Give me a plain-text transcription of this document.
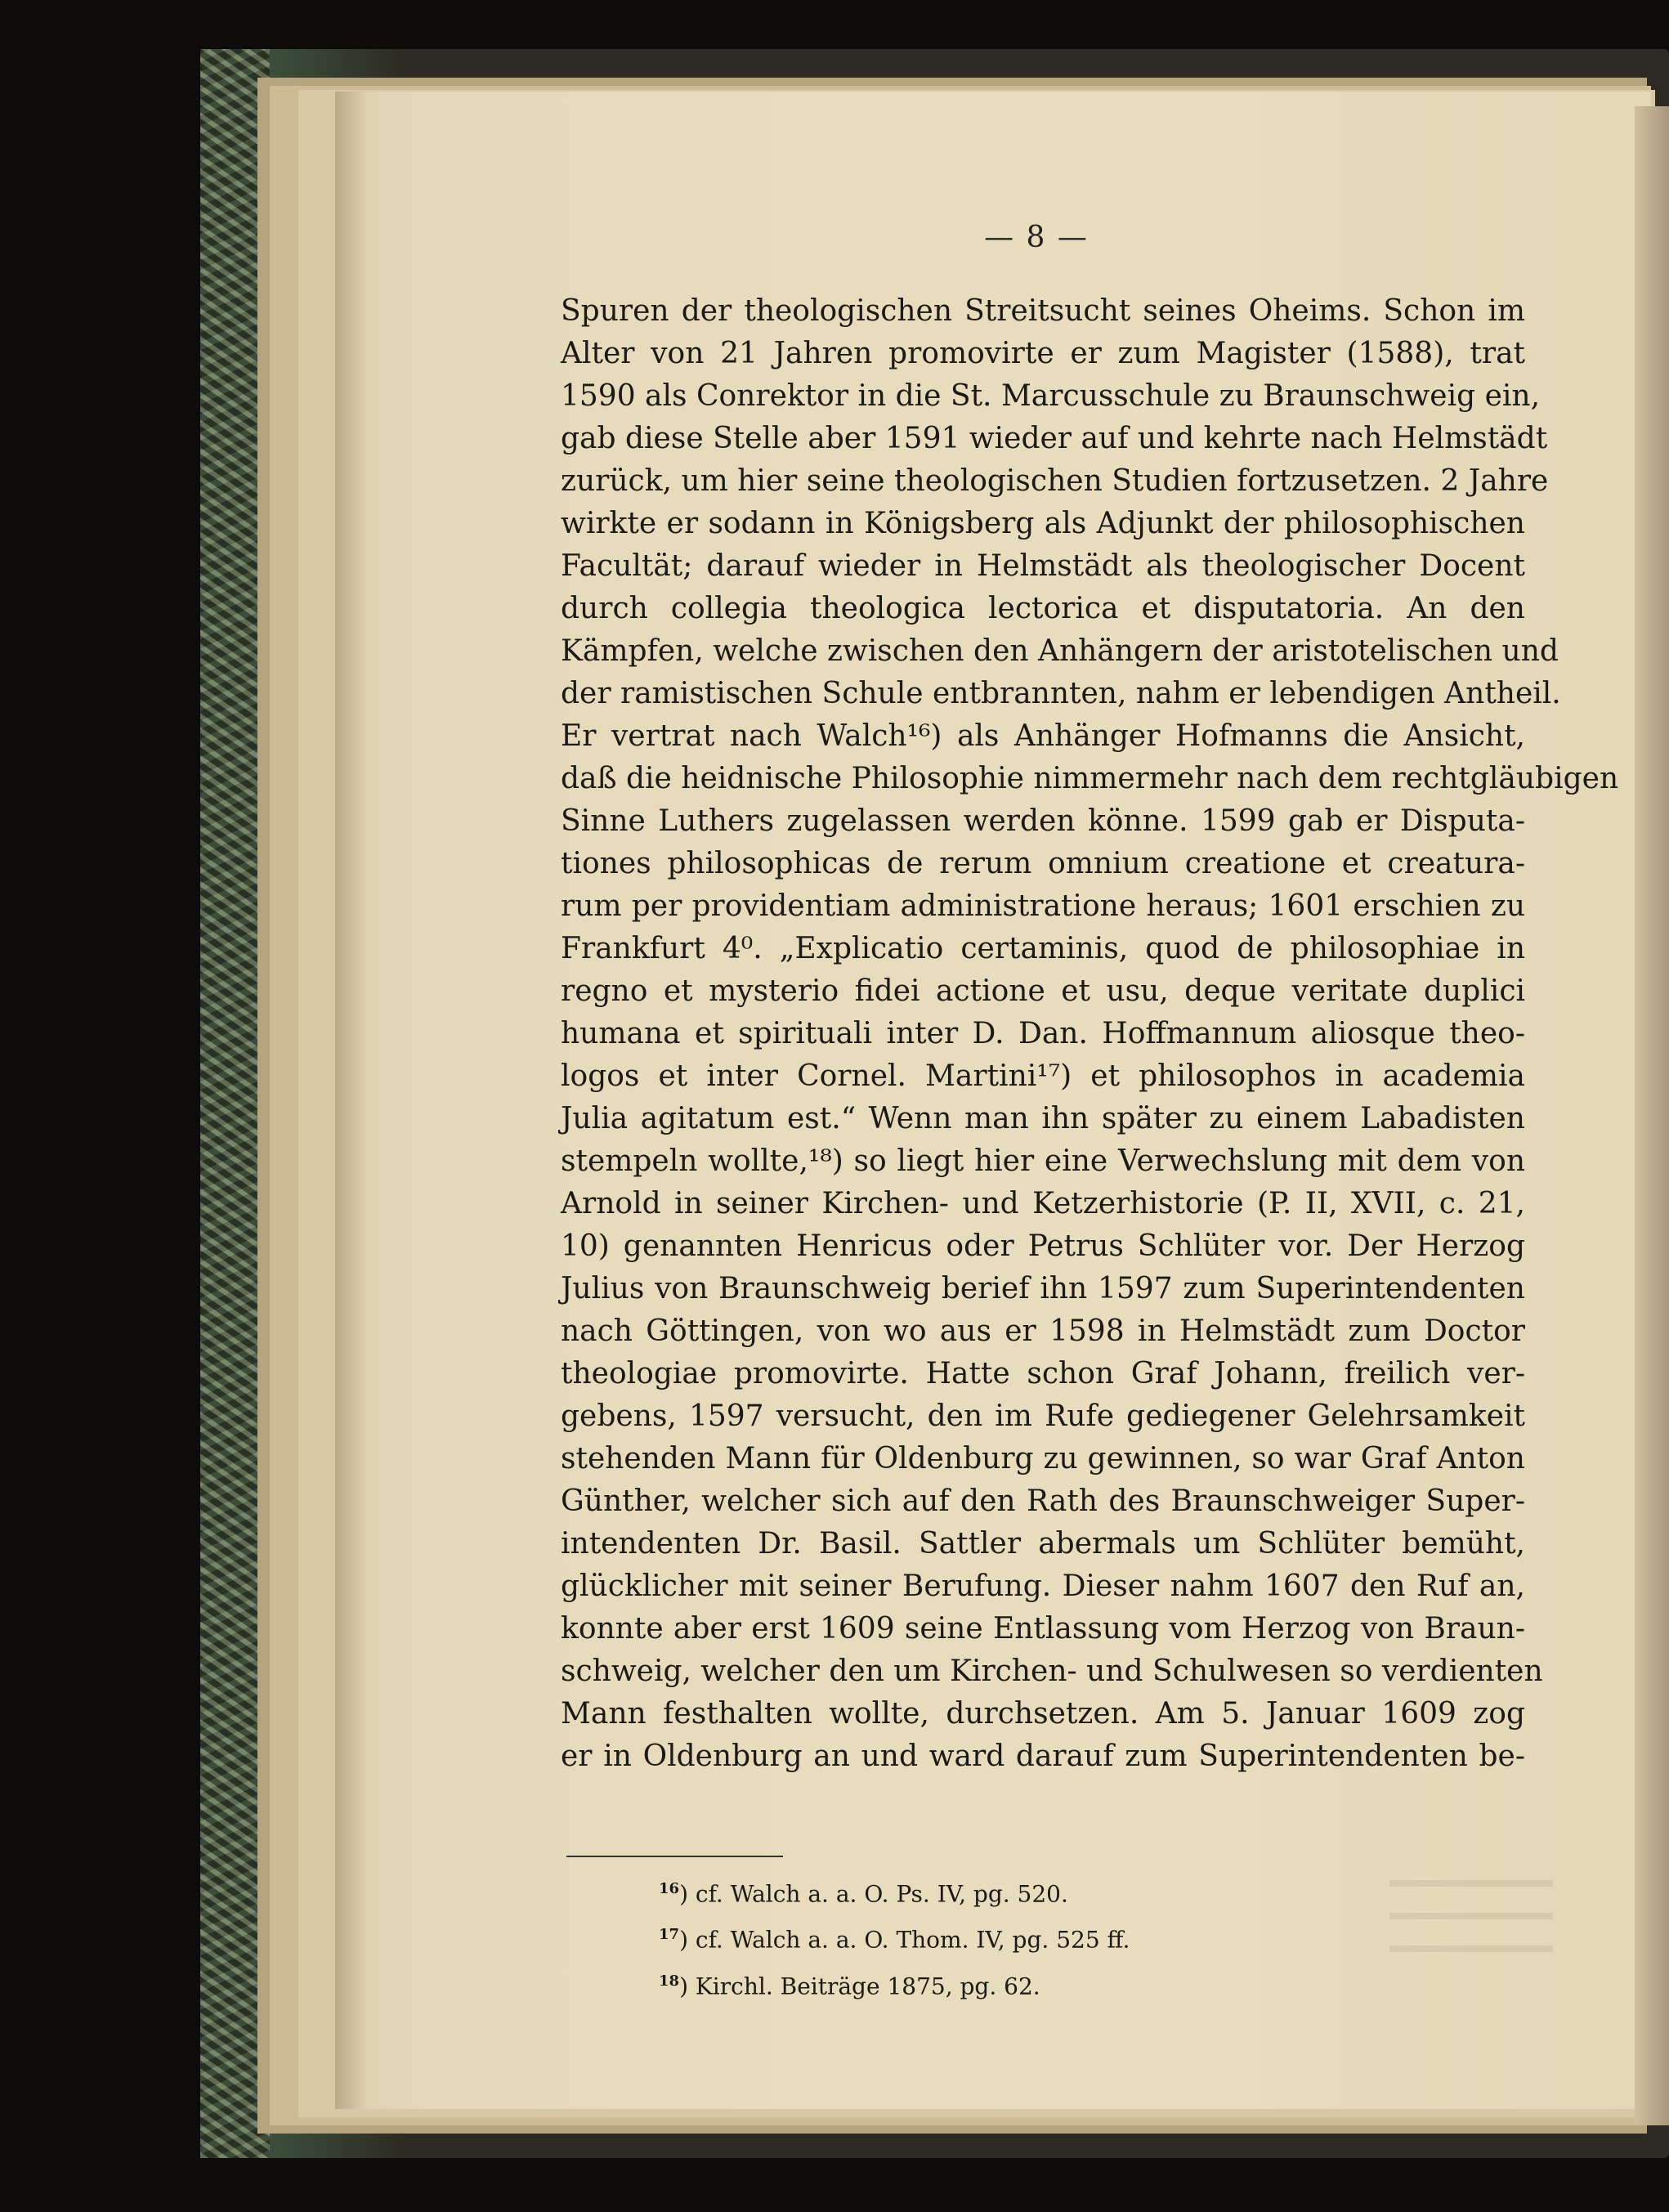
— 8 —
Spuren der theologischen Streitsucht seines Oheims. Schon im
Alter von 21 Jahren promovirte er zum Magister (1588), trat
1590 als Conrektor in die St. Marcusschule zu Braunschweig ein,
gab diese Stelle aber 1591 wieder auf und kehrte nach Helmstädt
zurück, um hier seine theologischen Studien fortzusetzen. 2 Jahre
wirkte er sodann in Königsberg als Adjunkt der philosophischen
Facultät; darauf wieder in Helmstädt als theologischer Docent
durch collegia theologica lectorica et disputatoria. An den
Kämpfen, welche zwischen den Anhängern der aristotelischen und
der ramistischen Schule entbrannten, nahm er lebendigen Antheil.
Er vertrat nach Walch¹⁶) als Anhänger Hofmanns die Ansicht,
daß die heidnische Philosophie nimmermehr nach dem rechtgläubigen
Sinne Luthers zugelassen werden könne. 1599 gab er Disputa-
tiones philosophicas de rerum omnium creatione et creatura-
rum per providentiam administratione heraus; 1601 erschien zu
Frankfurt 4⁰. „Explicatio certaminis, quod de philosophiae in
regno et mysterio fidei actione et usu, deque veritate duplici
humana et spirituali inter D. Dan. Hoffmannum aliosque theo-
logos et inter Cornel. Martini¹⁷) et philosophos in academia
Julia agitatum est.“ Wenn man ihn später zu einem Labadisten
stempeln wollte,¹⁸) so liegt hier eine Verwechslung mit dem von
Arnold in seiner Kirchen- und Ketzerhistorie (P. II, XVII, c. 21,
10) genannten Henricus oder Petrus Schlüter vor. Der Herzog
Julius von Braunschweig berief ihn 1597 zum Superintendenten
nach Göttingen, von wo aus er 1598 in Helmstädt zum Doctor
theologiae promovirte. Hatte schon Graf Johann, freilich ver-
gebens, 1597 versucht, den im Rufe gediegener Gelehrsamkeit
stehenden Mann für Oldenburg zu gewinnen, so war Graf Anton
Günther, welcher sich auf den Rath des Braunschweiger Super-
intendenten Dr. Basil. Sattler abermals um Schlüter bemüht,
glücklicher mit seiner Berufung. Dieser nahm 1607 den Ruf an,
konnte aber erst 1609 seine Entlassung vom Herzog von Braun-
schweig, welcher den um Kirchen- und Schulwesen so verdienten
Mann festhalten wollte, durchsetzen. Am 5. Januar 1609 zog
er in Oldenburg an und ward darauf zum Superintendenten be-
$^{16}$) cf. Walch a. a. O. Ps. IV, pg. 520.
$^{17}$) cf. Walch a. a. O. Thom. IV, pg. 525 ff.
$^{18}$) Kirchl. Beiträge 1875, pg. 62.
